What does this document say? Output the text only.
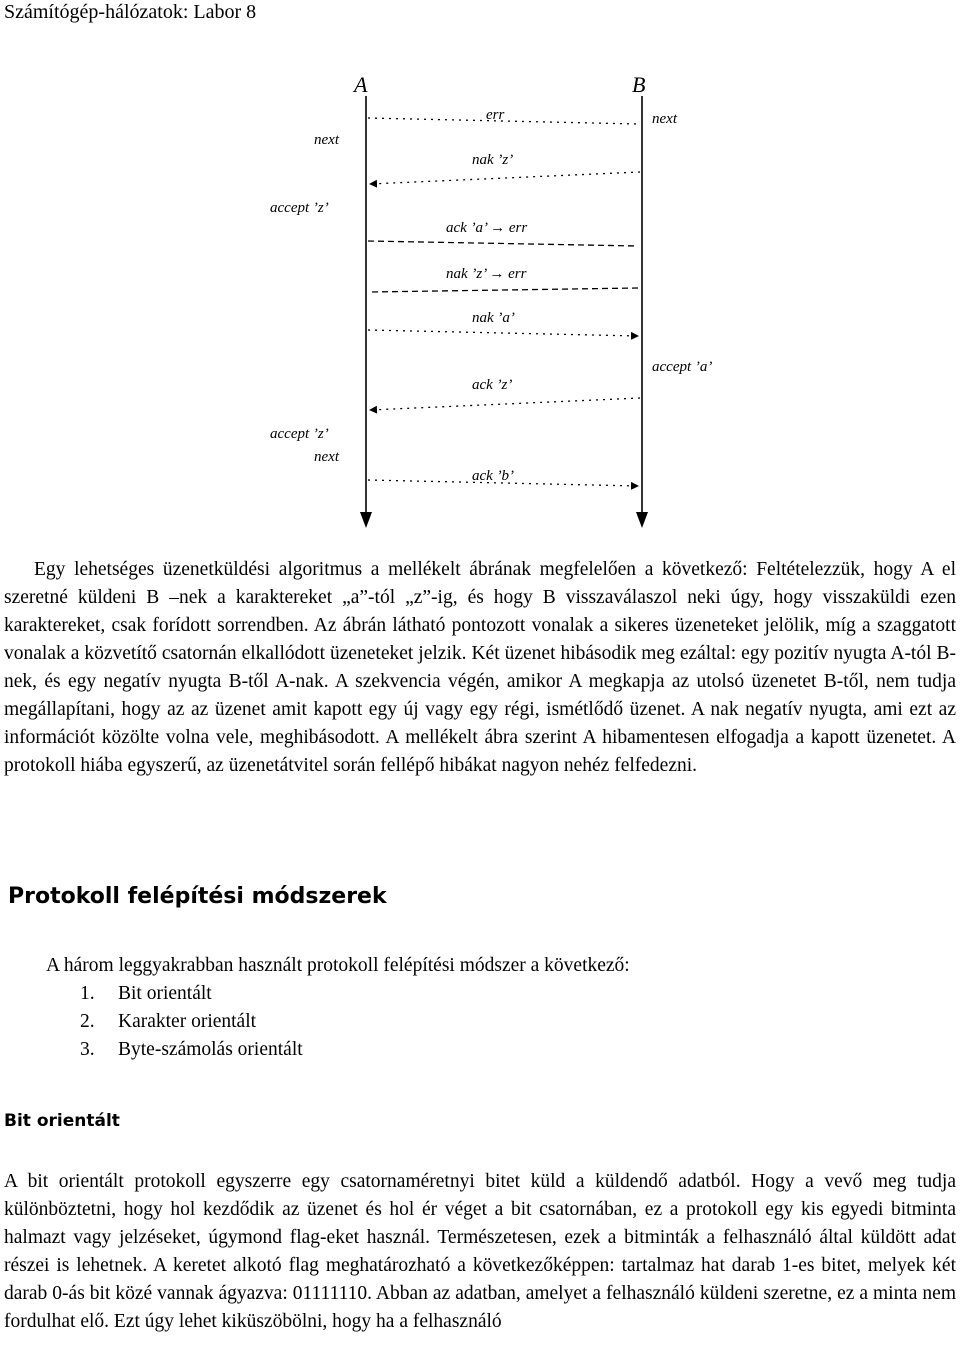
Számítógép-hálózatok: Labor 8
A	B
err	next
next
nak ’z’
accept ’z’
ack ’a’ → err
nak ’z’ → err
nak ’a’
accept ’a’
ack ’z’
accept ’z’
next
ack ’b’

Egy lehetséges üzenetküldési algoritmus a mellékelt ábrának megfelelően a következő: Feltételezzük, hogy A el szeretné küldeni B –nek a karaktereket „a”-tól „z”-ig, és hogy B visszaválaszol neki úgy, hogy visszaküldi ezen karaktereket, csak forídott sorrendben. Az ábrán látható pontozott vonalak a sikeres üzeneteket jelölik, míg a szaggatott vonalak a közvetítő csatornán elkallódott üzeneteket jelzik. Két üzenet hibásodik meg ezáltal: egy pozitív nyugta A-tól B-nek, és egy negatív nyugta B-től A-nak. A szekvencia végén, amikor A megkapja az utolsó üzenetet B-től, nem tudja megállapítani, hogy az az üzenet amit kapott egy új vagy egy régi, ismétlődő üzenet. A nak negatív nyugta, ami ezt az információt közölte volna vele, meghibásodott. A mellékelt ábra szerint A hibamentesen elfogadja a kapott üzenetet. A protokoll hiába egyszerű, az üzenetátvitel során fellépő hibákat nagyon nehéz felfedezni.

Protokoll felépítési módszerek

A három leggyakrabban használt protokoll felépítési módszer a következő:

1. Bit orientált
2. Karakter orientált
3. Byte-számolás orientált
Bit orientált

A bit orientált protokoll egyszerre egy csatornaméretnyi bitet küld a küldendő adatból. Hogy a vevő meg tudja különböztetni, hogy hol kezdődik az üzenet és hol ér véget a bit csatornában, ez a protokoll egy kis egyedi bitminta halmazt vagy jelzéseket, úgymond flag-eket használ. Természetesen, ezek a bitminták a felhasználó által küldött adat részei is lehetnek. A keretet alkotó flag meghatározható a következőképpen: tartalmaz hat darab 1-es bitet, melyek két darab 0-ás bit közé vannak ágyazva: 01111110. Abban az adatban, amelyet a felhasználó küldeni szeretne, ez a minta nem fordulhat elő. Ezt úgy lehet kiküszöbölni, hogy ha a felhasználó
